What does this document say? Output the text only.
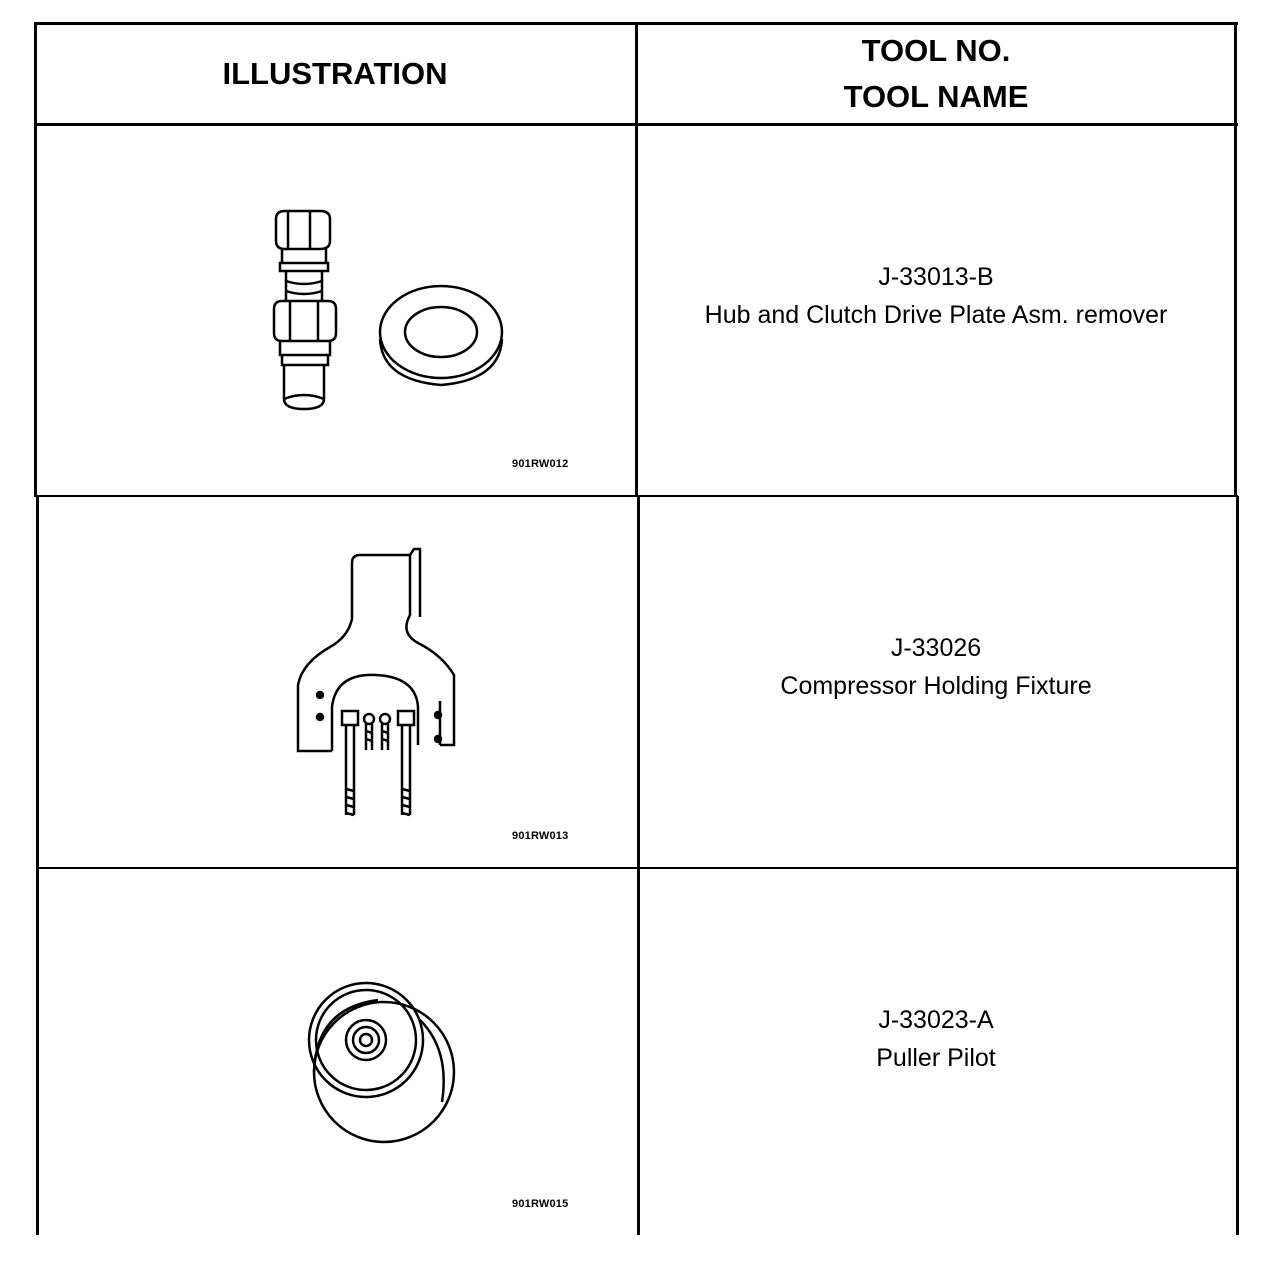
ILLUSTRATION
TOOL NO.
TOOL NAME
901RW012
J-33013-B
Hub and Clutch Drive Plate Asm. remover
901RW013
J-33026
Compressor Holding Fixture
901RW015
J-33023-A
Puller Pilot
